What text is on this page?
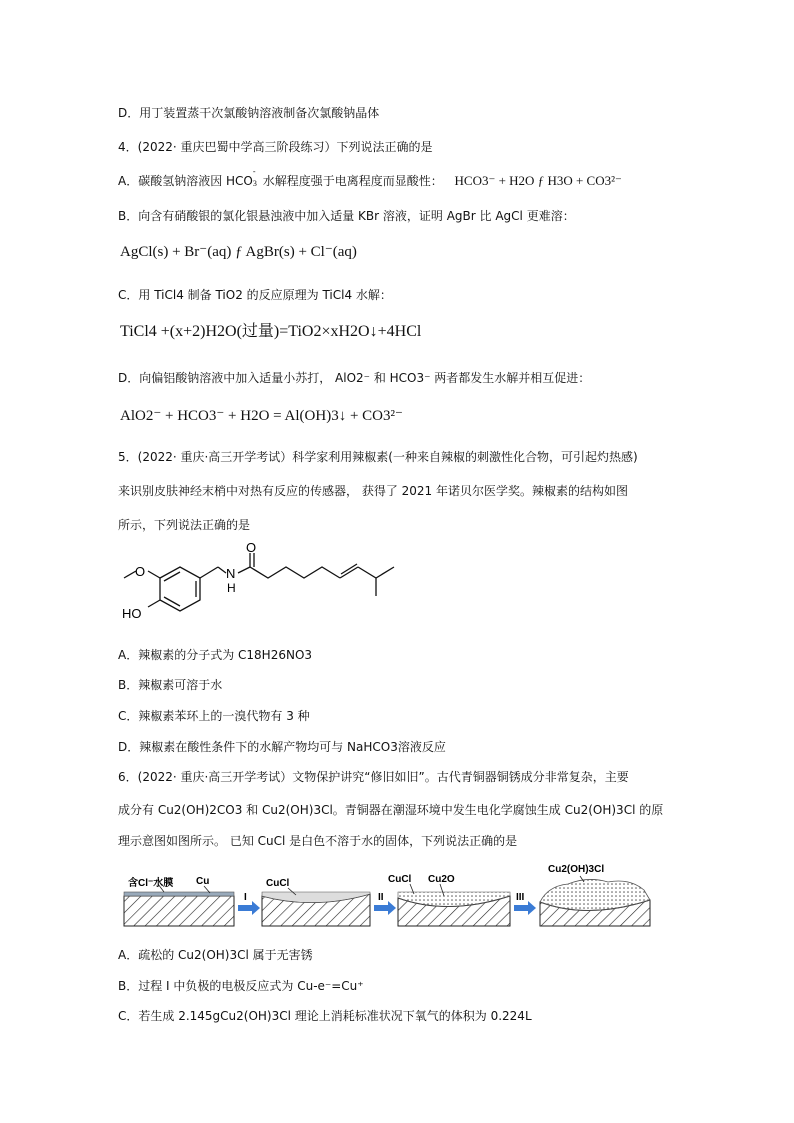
D．用丁装置蒸干次氯酸钠溶液制备次氯酸钠晶体
4．(2022· 重庆巴蜀中学高三阶段练习）下列说法正确的是
A．碳酸氢钠溶液因 HCO 3
-
水解程度强于电离程度而显酸性： HCO3⁻ + H2O ƒ H3O + CO3²⁻
B．向含有硝酸银的氯化银悬浊液中加入适量 KBr 溶液，证明 AgBr 比 AgCl 更难溶：
AgCl(s) + Br⁻(aq) ƒ AgBr(s) + Cl⁻(aq)
C．用 TiCl4 制备 TiO2 的反应原理为 TiCl4 水解：
TiCl4 +(x+2)H2O(过量)=TiO2×xH2O↓+4HCl
D．向偏铝酸钠溶液中加入适量小苏打， AlO2⁻ 和 HCO3⁻ 两者都发生水解并相互促进：
AlO2⁻ + HCO3⁻ + H2O = Al(OH)3↓ + CO3²⁻
5．(2022· 重庆·高三开学考试）科学家利用辣椒素(一种来自辣椒的刺激性化合物，可引起灼热感)
来识别皮肤神经末梢中对热有反应的传感器， 获得了 2021 年诺贝尔医学奖。辣椒素的结构如图
所示，下列说法正确的是
O
O
N
H
HO
A．辣椒素的分子式为 C18H26NO3
B．辣椒素可溶于水
C．辣椒素苯环上的一溴代物有 3 种
D．辣椒素在酸性条件下的水解产物均可与 NaHCO3溶液反应
6．(2022· 重庆·高三开学考试）文物保护讲究“修旧如旧”。古代青铜器铜锈成分非常复杂，主要
成分有 Cu2(OH)2CO3 和 Cu2(OH)3Cl。青铜器在潮湿环境中发生电化学腐蚀生成 Cu2(OH)3Cl 的原
理示意图如图所示。 已知 CuCl 是白色不溶于水的固体，下列说法正确的是
含Cl⁻水膜 Cu
I
CuCl
II
CuCl Cu2O
III
Cu2(OH)3Cl
A．疏松的 Cu2(OH)3Cl 属于无害锈
B．过程 I 中负极的电极反应式为 Cu-e⁻=Cu⁺
C．若生成 2.145gCu2(OH)3Cl 理论上消耗标准状况下氧气的体积为 0.224L
